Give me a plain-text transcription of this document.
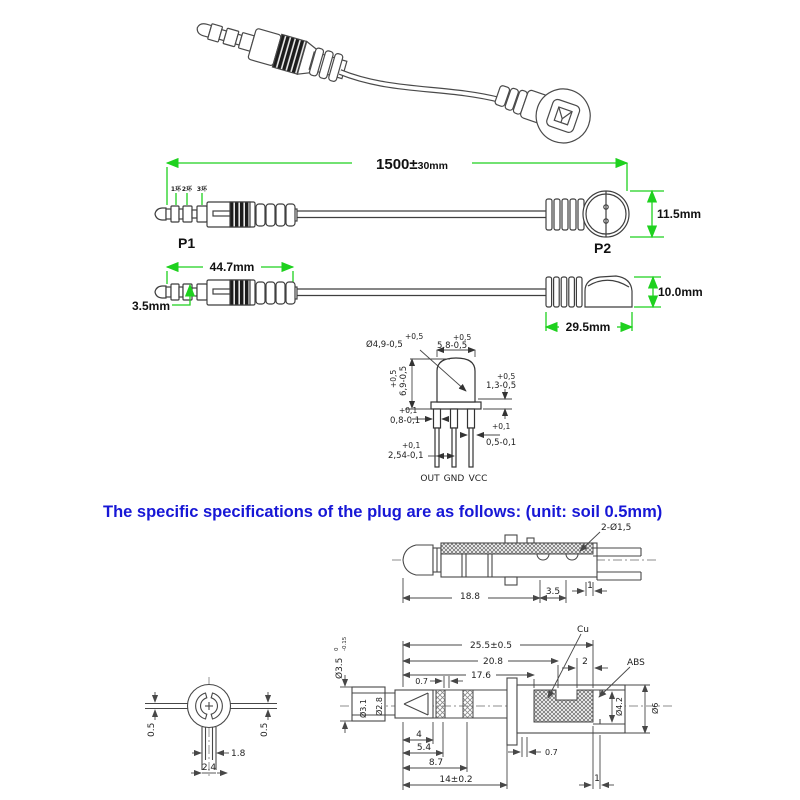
1500±30mm
1环 2环 3环
11.5mm
P1	P2
44.7mm
3.5mm
10.0mm
29.5mm
+0,5
5,8-0,5
+0,5
Ø4,9-0,5
+0,5 6,9-0,5	+0,5
1,3-0,5
+0,1
0,8-0,1
+0,1
2,54-0,1
+0,1
0,5-0,1
OUT GND VCC
The specific specifications of the plug are as follows: (unit: soil 0.5mm)
2-Ø1,5
18.8	3.5
1
0.5	0.5
1.8
2.4
Cu
ABS
2
25.5±0.5
20.8
17.6
0.7
Ø3.5
0 -0.15
Ø3.1 Ø2.8	Ø4.2	Ø6
4
5.4
8.7
14±0.2
0.7
1
